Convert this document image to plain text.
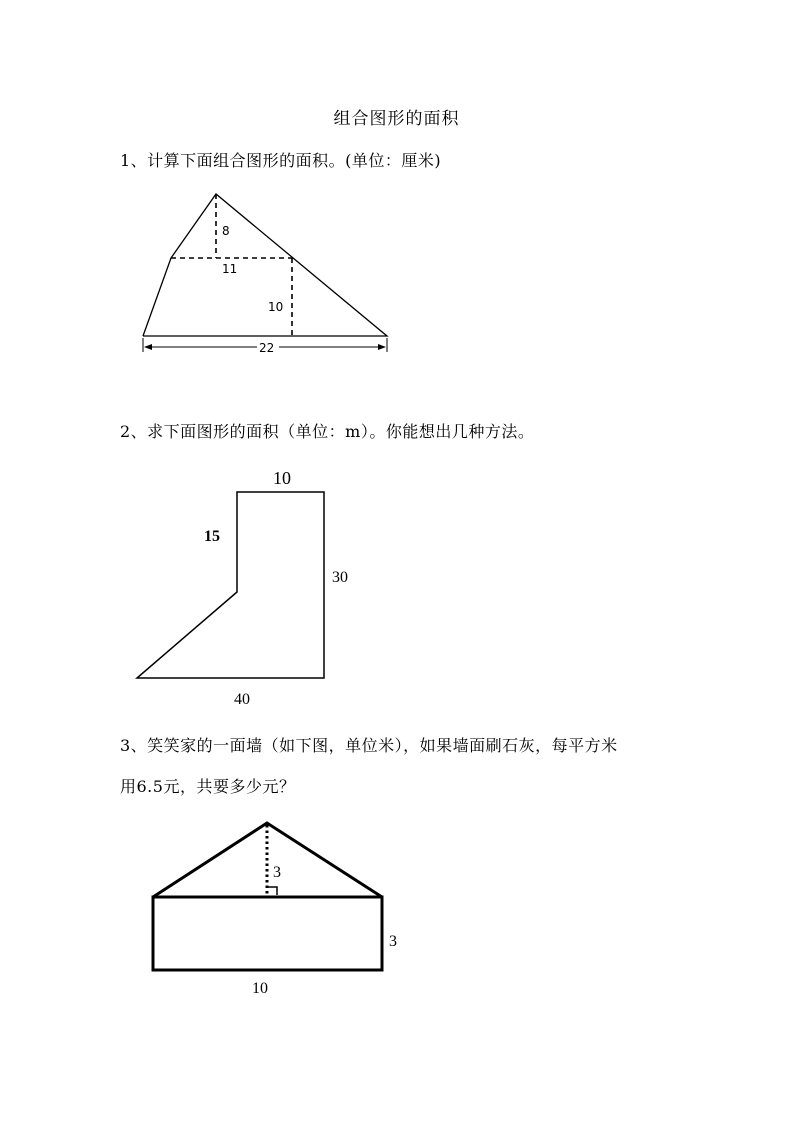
组合图形的面积
1、计算下面组合图形的面积。(单位：厘米)
2、求下面图形的面积（单位：m）。你能想出几种方法。
3、笑笑家的一面墙（如下图，单位米），如果墙面刷石灰，每平方米
用6.5元，共要多少元？
8
11
10
22
10
15
30
40
3
3
10
